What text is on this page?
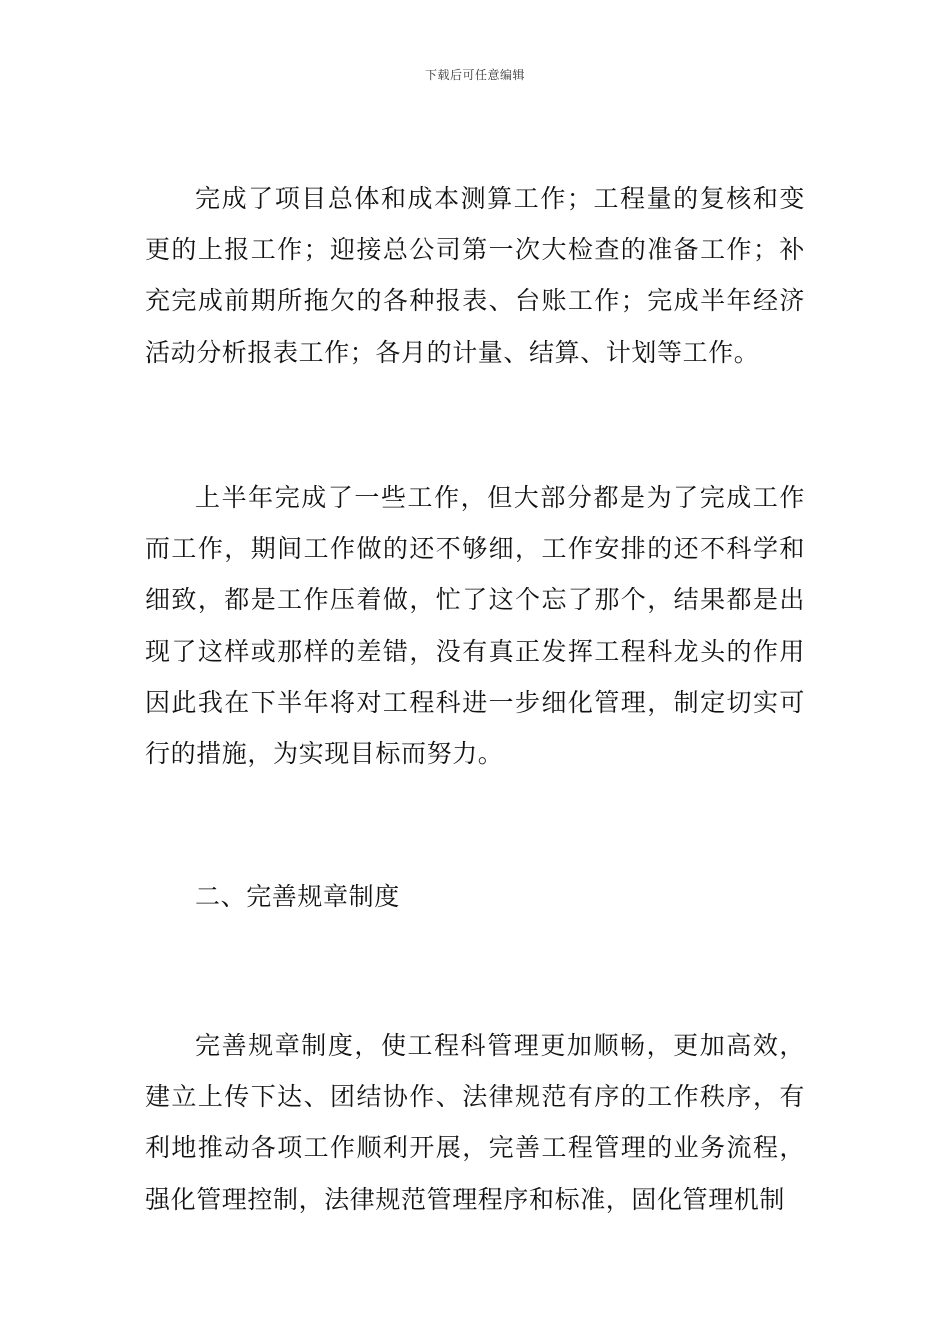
下载后可任意编辑

完成了项目总体和成本测算工作；工程量的复核和变更的上报工作；迎接总公司第一次大检查的准备工作；补充完成前期所拖欠的各种报表、台账工作；完成半年经济活动分析报表工作；各月的计量、结算、计划等工作。

上半年完成了一些工作，但大部分都是为了完成工作而工作，期间工作做的还不够细，工作安排的还不科学和细致，都是工作压着做，忙了这个忘了那个，结果都是出现了这样或那样的差错，没有真正发挥工程科龙头的作用因此我在下半年将对工程科进一步细化管理，制定切实可行的措施，为实现目标而努力。

二、完善规章制度

完善规章制度，使工程科管理更加顺畅，更加高效，建立上传下达、团结协作、法律规范有序的工作秩序，有利地推动各项工作顺利开展，完善工程管理的业务流程，强化管理控制，法律规范管理程序和标准，固化管理机制
